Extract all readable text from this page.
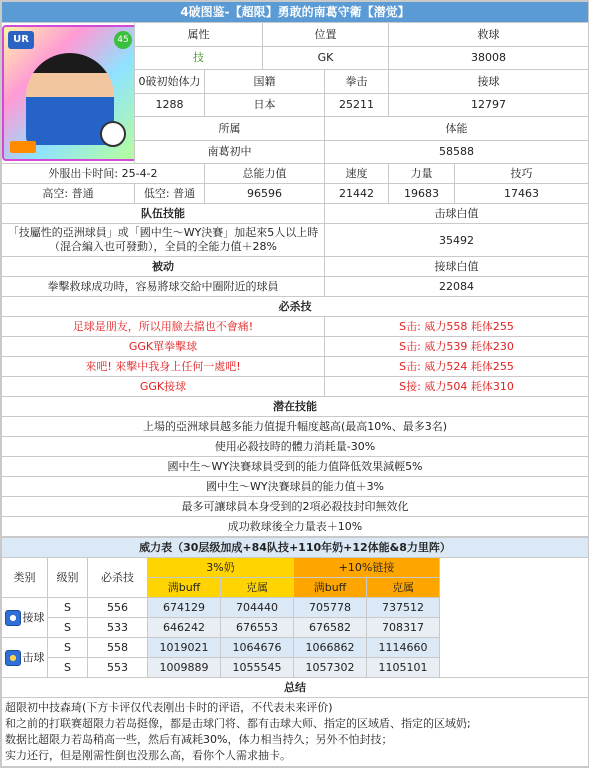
4破图鉴-【超限】勇敢的南葛守衛【潜觉】						

UR 45	属性		位置		救球	
	技		GK		38008	
	0破初始体力	国籍		拳击	接球	
	1288	日本		25211	12797	
	所属			体能		
	南葛初中			58588		
外服出卡时间: 25-4-2		总能力值		速度	力量	技巧
高空: 普通	低空: 普通	96596		21442	19683	17463
队伍技能				击球白值		
「技屬性的亞洲球員」或「國中生～WY決賽」加起來5人以上時（混合編入也可發動），全員的全能力值＋28%				35492		
被动				接球白值		
拳擊救球成功時，容易將球交給中圈附近的球員				22084		
必杀技						
足球是朋友，所以用臉去擋也不會痛!				S击: 威力558 耗体255		
GGK單拳擊球				S击: 威力539 耗体230		
來吧! 來擊中我身上任何一處吧!				S击: 威力524 耗体255		
GGK接球				S接: 威力504 耗体310		
潜在技能						
上場的亞洲球員越多能力值提升幅度越高(最高10%、最多3名)						
使用必殺技時的體力消耗量-30%						
國中生～WY決賽球員受到的能力值降低效果減輕5%						
國中生～WY決賽球員的能力值＋3%						
最多可讓球員本身受到的2項必殺技封印無效化						
成功救球後全力量表＋10%						
威力表（30层级加成+84队技+110年奶+12体能&8力里阵）							
类别	级别	必杀技	3%奶		+10%链接		
			满buff	克属	满buff	克属	
接球	S	556	674129	704440	705778	737512	
	S	533	646242	676553	676582	708317	
击球	S	558	1019021	1064676	1066862	1114660	
	S	553	1009889	1055545	1057302	1105101	
总结							

超限初中技森琦(下方卡评仅代表刚出卡时的评语，不代表未来评价)
和之前的打联赛超限力若岛挺像，都是击球门将、都有击球大师、指定的区域盾、指定的区域奶;
数据比超限力若岛稍高一些，然后有减耗30%，体力相当持久；另外不怕封技；
实力还行，但是刚需性倒也没那么高，看你个人需求抽卡。							
